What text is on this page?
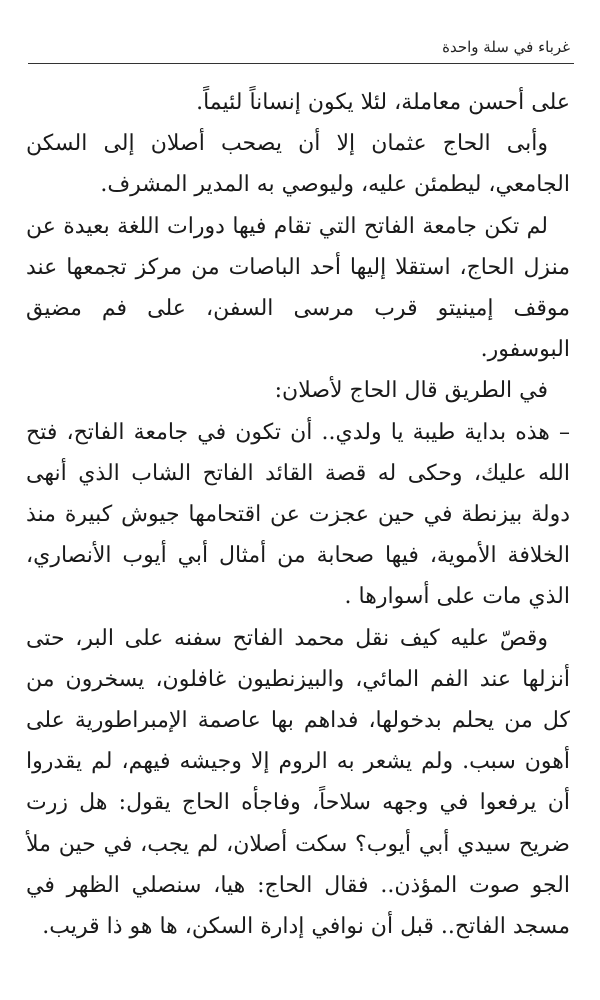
غرباء في سلة واحدة

على أحسن معاملة، لئلا يكون إنساناً لئيماً.

وأبى الحاج عثمان إلا أن يصحب أصلان إلى السكن الجامعي، ليطمئن عليه، وليوصي به المدير المشرف.

لم تكن جامعة الفاتح التي تقام فيها دورات اللغة بعيدة عن منزل الحاج، استقلا إليها أحد الباصات من مركز تجمعها عند موقف إمينيتو قرب مرسى السفن، على فم مضيق البوسفور.

في الطريق قال الحاج لأصلان:

– هذه بداية طيبة يا ولدي.. أن تكون في جامعة الفاتح، فتح الله عليك، وحكى له قصة القائد الفاتح الشاب الذي أنهى دولة بيزنطة في حين عجزت عن اقتحامها جيوش كبيرة منذ الخلافة الأموية، فيها صحابة من أمثال أبي أيوب الأنصاري، الذي مات على أسوارها .

وقصّ عليه كيف نقل محمد الفاتح سفنه على البر، حتى أنزلها عند الفم المائي، والبيزنطيون غافلون، يسخرون من كل من يحلم بدخولها، فداهم بها عاصمة الإمبراطورية على أهون سبب. ولم يشعر به الروم إلا وجيشه فيهم، لم يقدروا أن يرفعوا في وجهه سلاحاً، وفاجأه الحاج يقول: هل زرت ضريح سيدي أبي أيوب؟ سكت أصلان، لم يجب، في حين ملأ الجو صوت المؤذن.. فقال الحاج: هيا، سنصلي الظهر في مسجد الفاتح.. قبل أن نوافي إدارة السكن، ها هو ذا قريب.
